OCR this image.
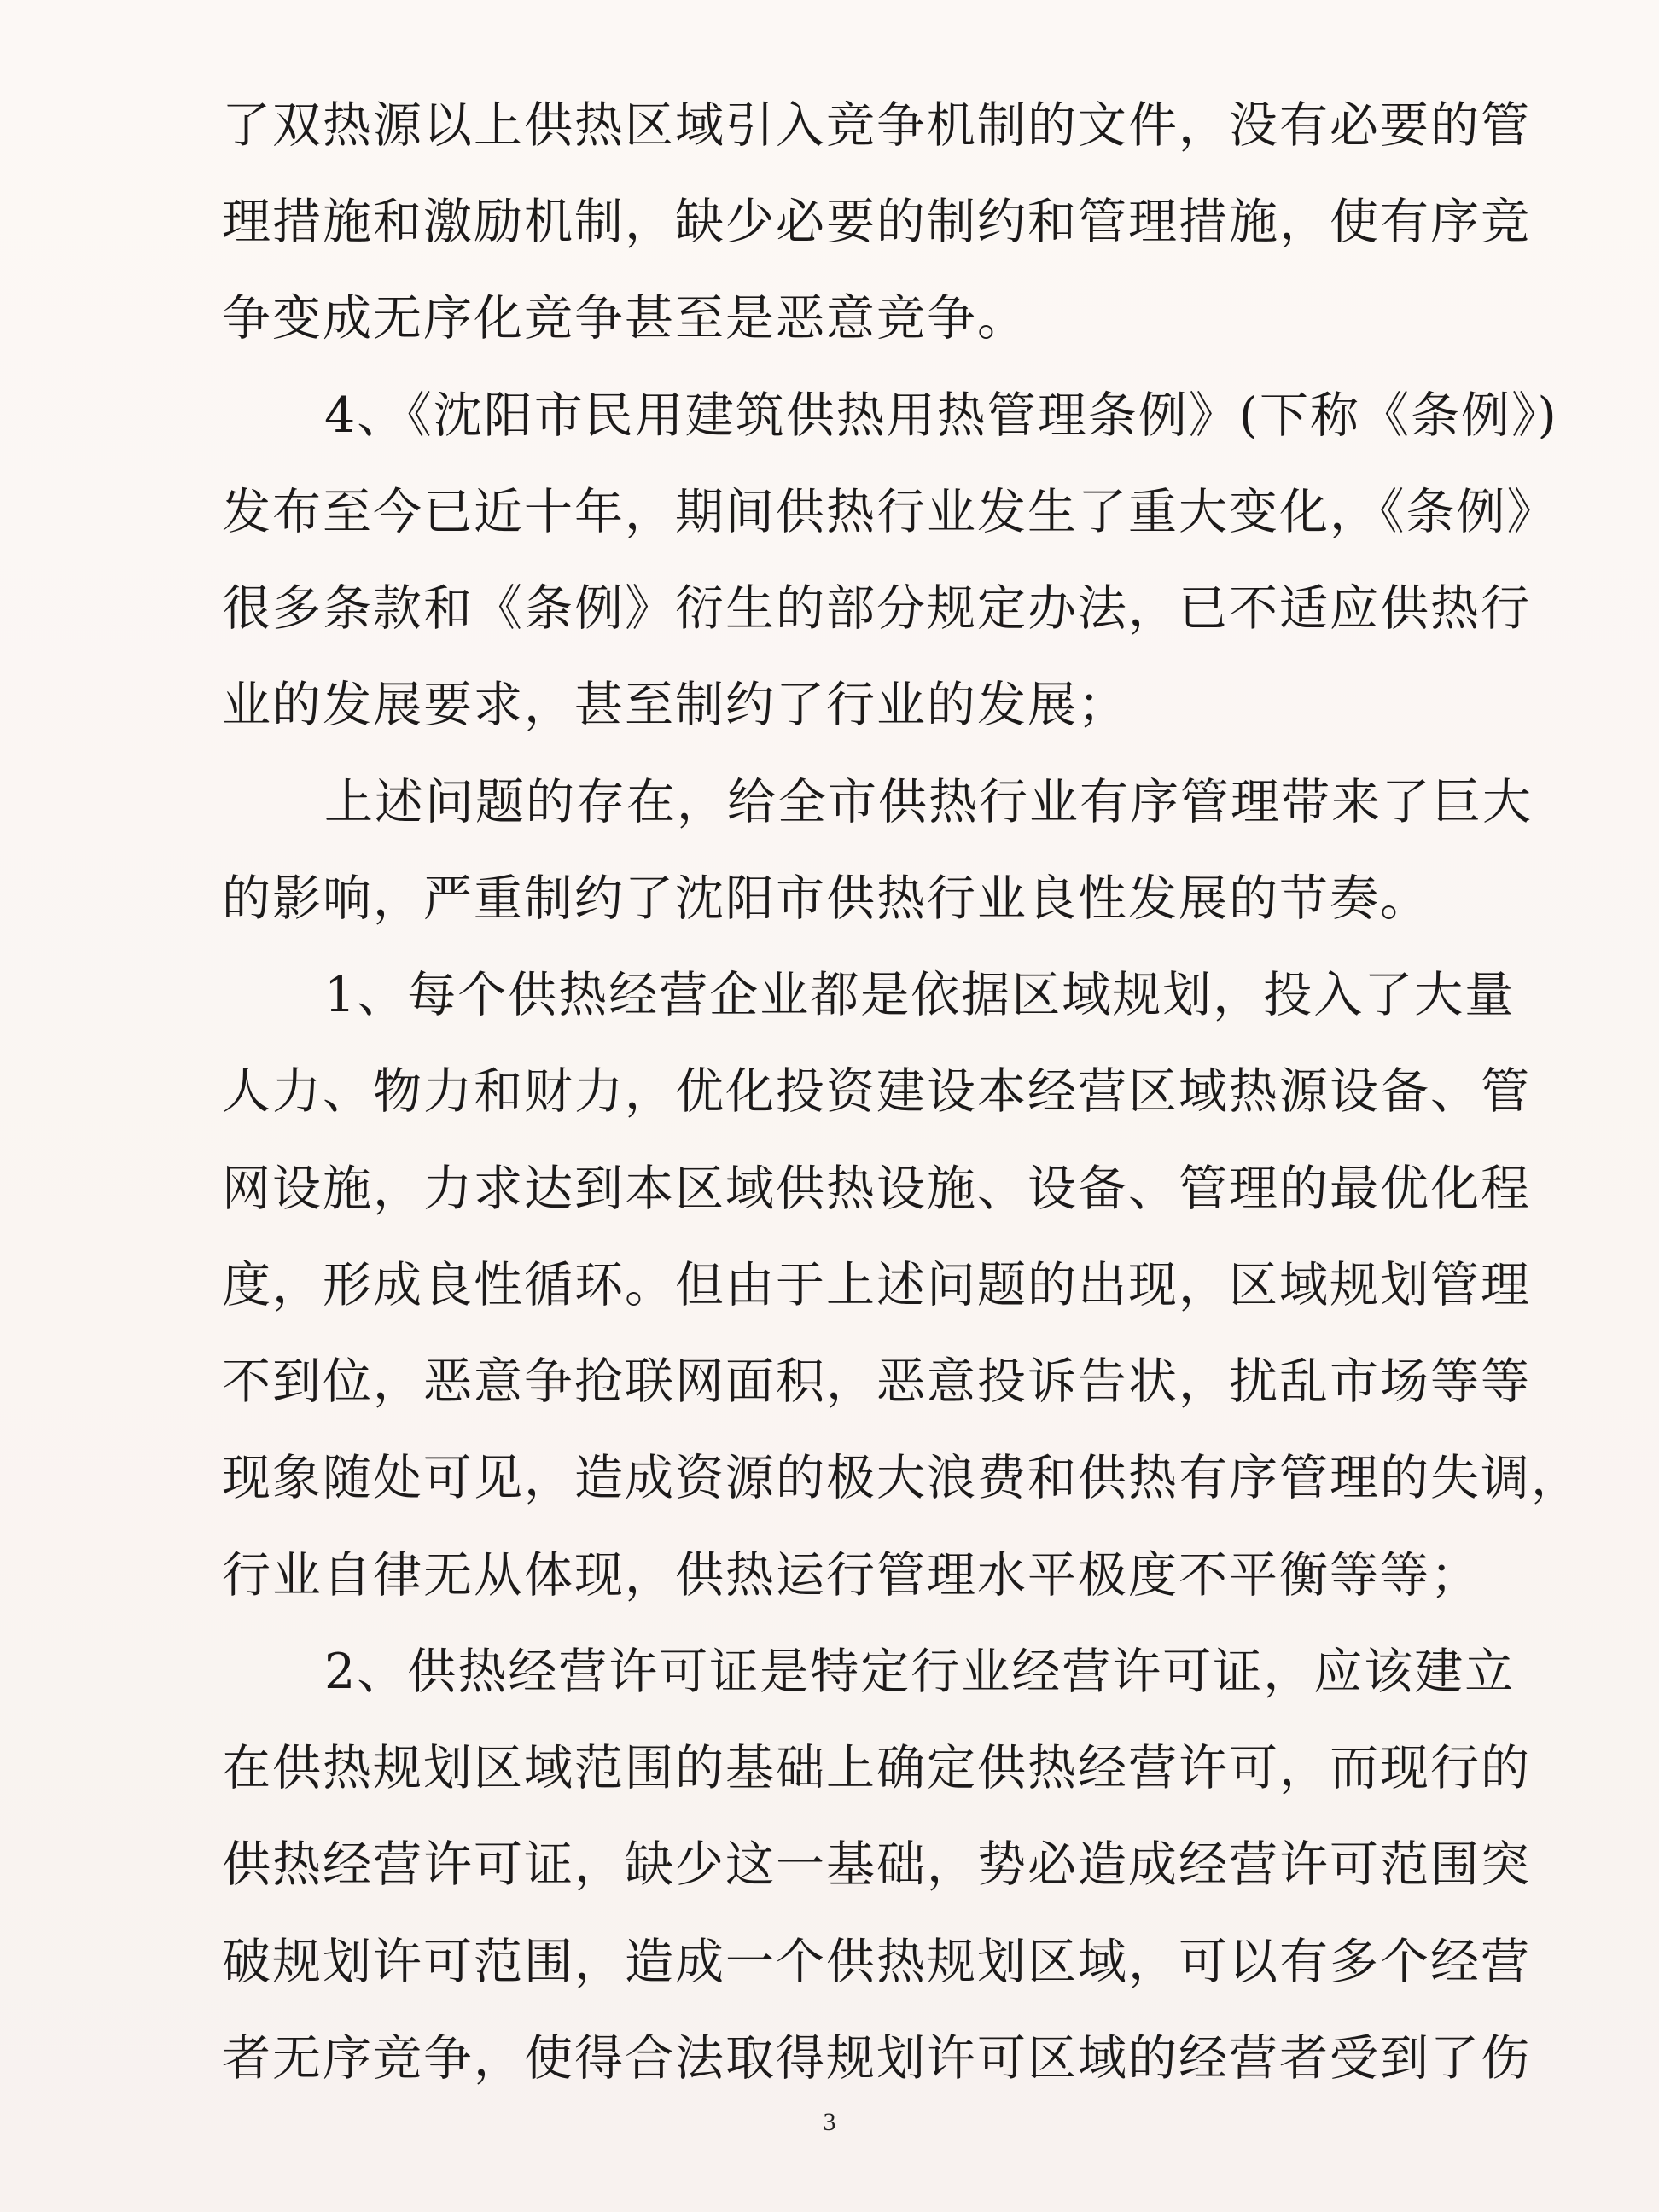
了双热源以上供热区域引入竞争机制的文件，没有必要的管
理措施和激励机制，缺少必要的制约和管理措施，使有序竞
争变成无序化竞争甚至是恶意竞争。
4、《沈阳市民用建筑供热用热管理条例》(下称《条例》)
发布至今已近十年，期间供热行业发生了重大变化，《条例》
很多条款和《条例》衍生的部分规定办法，已不适应供热行
业的发展要求，甚至制约了行业的发展；
上述问题的存在，给全市供热行业有序管理带来了巨大
的影响，严重制约了沈阳市供热行业良性发展的节奏。
1、每个供热经营企业都是依据区域规划，投入了大量
人力、物力和财力，优化投资建设本经营区域热源设备、管
网设施，力求达到本区域供热设施、设备、管理的最优化程
度，形成良性循环。但由于上述问题的出现，区域规划管理
不到位，恶意争抢联网面积，恶意投诉告状，扰乱市场等等
现象随处可见，造成资源的极大浪费和供热有序管理的失调，
行业自律无从体现，供热运行管理水平极度不平衡等等；
2、供热经营许可证是特定行业经营许可证，应该建立
在供热规划区域范围的基础上确定供热经营许可，而现行的
供热经营许可证，缺少这一基础，势必造成经营许可范围突
破规划许可范围，造成一个供热规划区域，可以有多个经营
者无序竞争，使得合法取得规划许可区域的经营者受到了伤
3
